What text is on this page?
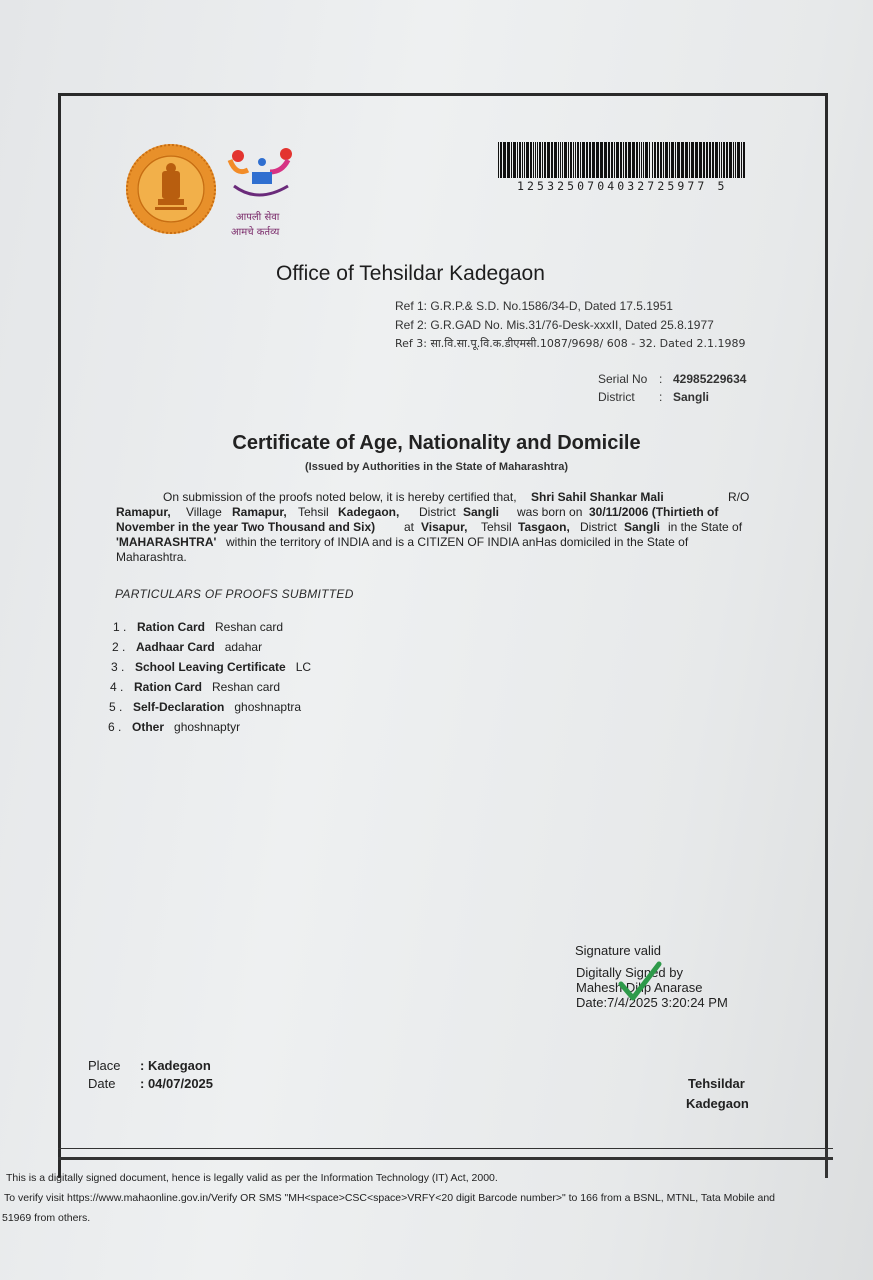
आपली सेवा
आमचे कर्तव्य
1253250704032725977 5
Office of Tehsildar Kadegaon
Ref 1: G.R.P.& S.D. No.1586/34-D, Dated 17.5.1951
Ref 2: G.R.GAD No. Mis.31/76-Desk-xxxII, Dated 25.8.1977
Ref 3: सा.वि.सा.पू.वि.क.डीएमसी.1087/9698/ 608 - 32. Dated 2.1.1989
Serial No : 42985229634
District : Sangli
Certificate of Age, Nationality and Domicile
(Issued by Authorities in the State of Maharashtra)
On submission of the proofs noted below, it is hereby certified that, Shri Sahil Shankar Mali	R/O
Ramapur, Village Ramapur, Tehsil Kadegaon, District Sangli was born on 30/11/2006 (Thirtieth of
November in the year Two Thousand and Six) at Visapur, Tehsil Tasgaon, District Sangli in the State of
'MAHARASHTRA' within the territory of INDIA and is a CITIZEN OF INDIA anHas domiciled in the State of
Maharashtra.
PARTICULARS OF PROOFS SUBMITTED
1 . Ration Card Reshan card
2 . Aadhaar Card adahar
3 . School Leaving Certificate LC
4 . Ration Card Reshan card
5 . Self-Declaration ghoshnaptra
6 . Other ghoshnaptyr
Signature valid
Digitally Signed by
Mahesh Dilip Anarase
Date:7/4/2025 3:20:24 PM
Place : Kadegaon
Date : 04/07/2025	Tehsildar
Kadegaon
This is a digitally signed document, hence is legally valid as per the Information Technology (IT) Act, 2000.
To verify visit https://www.mahaonline.gov.in/Verify OR SMS "MH<space>CSC<space>VRFY<20 digit Barcode number>" to 166 from a BSNL, MTNL, Tata Mobile and
51969 from others.
